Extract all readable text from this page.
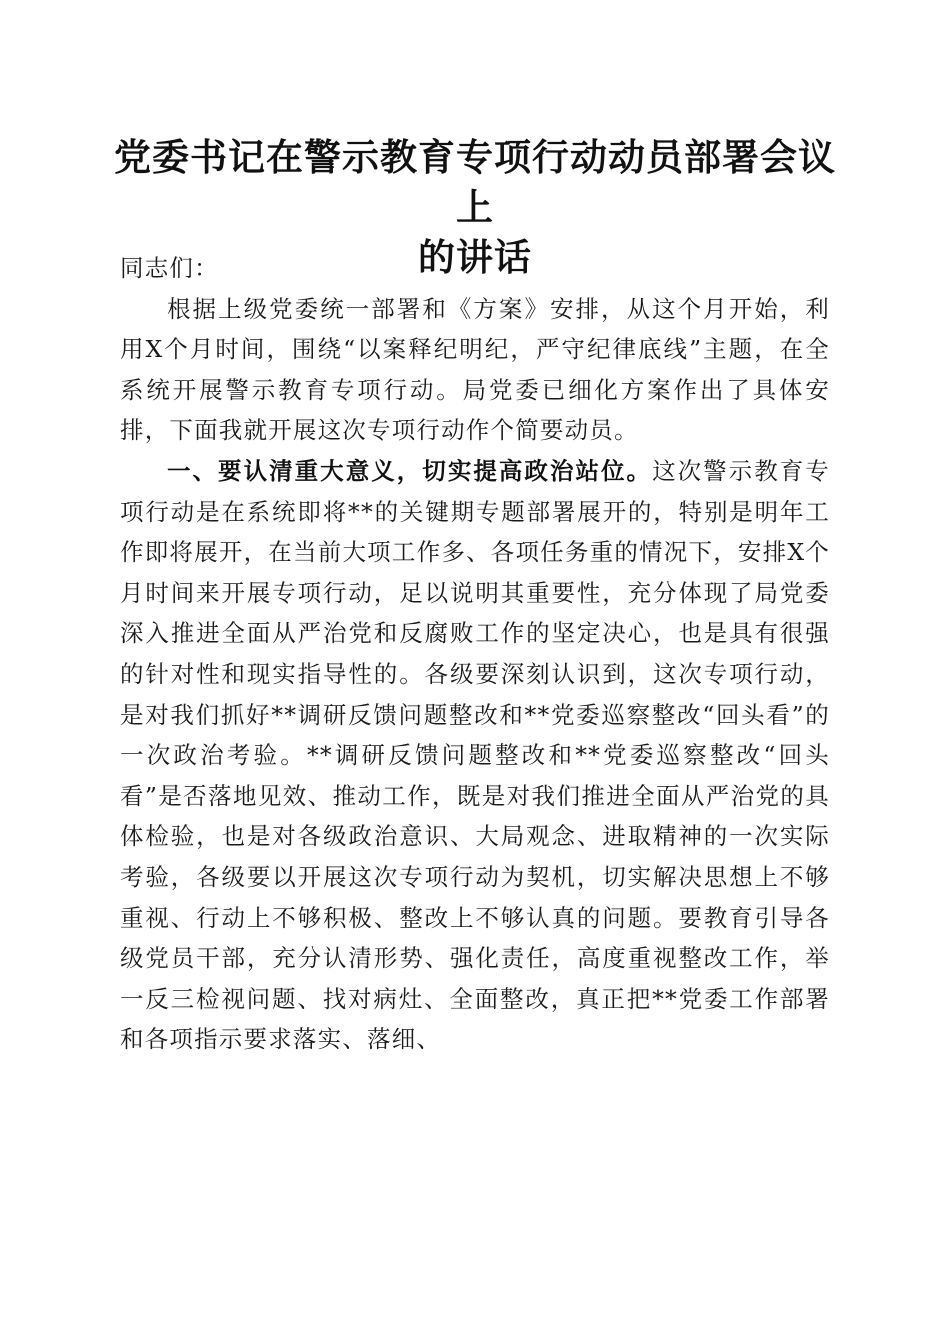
党委书记在警示教育专项行动动员部署会议上
的讲话

同志们：

根据上级党委统一部署和《方案》安排，从这个月开始，利用X个月时间，围绕“以案释纪明纪，严守纪律底线”主题，在全系统开展警示教育专项行动。局党委已细化方案作出了具体安排，下面我就开展这次专项行动作个简要动员。

一、要认清重大意义，切实提高政治站位。这次警示教育专项行动是在系统即将**的关键期专题部署展开的，特别是明年工作即将展开，在当前大项工作多、各项任务重的情况下，安排X个月时间来开展专项行动，足以说明其重要性，充分体现了局党委深入推进全面从严治党和反腐败工作的坚定决心，也是具有很强的针对性和现实指导性的。各级要深刻认识到，这次专项行动，是对我们抓好**调研反馈问题整改和**党委巡察整改“回头看”的一次政治考验。**调研反馈问题整改和**党委巡察整改“回头看”是否落地见效、推动工作，既是对我们推进全面从严治党的具体检验，也是对各级政治意识、大局观念、进取精神的一次实际考验，各级要以开展这次专项行动为契机，切实解决思想上不够重视、行动上不够积极、整改上不够认真的问题。要教育引导各级党员干部，充分认清形势、强化责任，高度重视整改工作，举一反三检视问题、找对病灶、全面整改，真正把**党委工作部署和各项指示要求落实、落细、
